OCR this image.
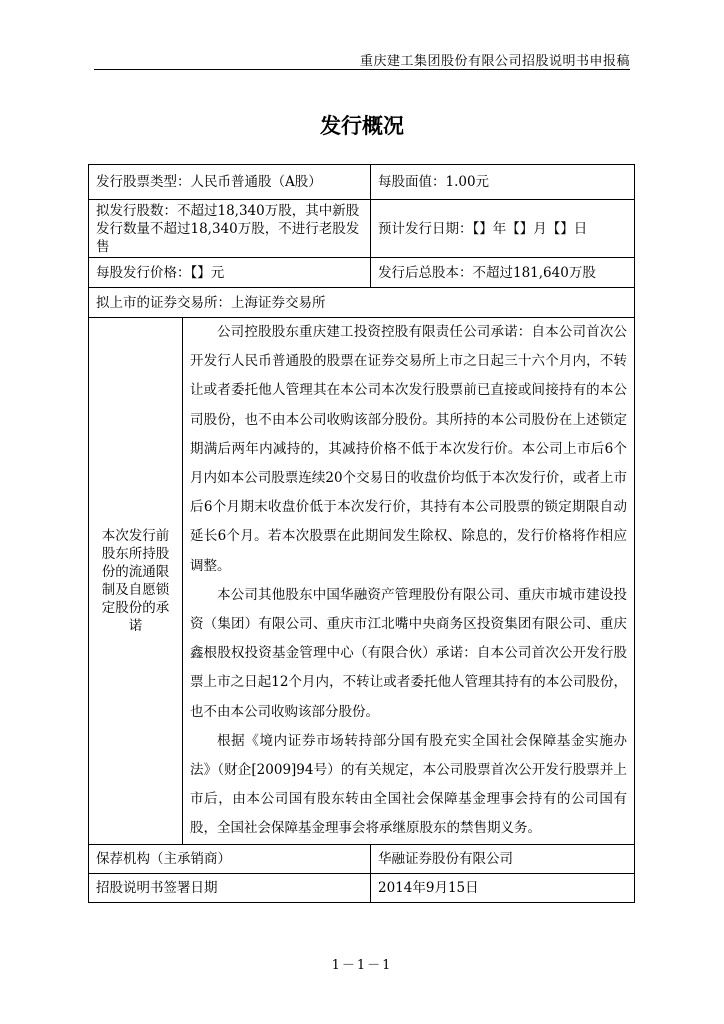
重庆建工集团股份有限公司招股说明书申报稿
发行概况
发行股票类型：人民币普通股（A股）		每股面值：1.00元
拟发行股数：不超过18,340万股，其中新股发行数量不超过18,340万股，不进行老股发售		预计发行日期：【】年【】月【】日
每股发行价格：【】元		发行后总股本：不超过181,640万股
拟上市的证券交易所：上海证券交易所		
本次发行前股东所持股份的流通限制及自愿锁定股份的承诺	公司控股股东重庆建工投资控股有限责任公司承诺：自本公司首次公开发行人民币普通股的股票在证券交易所上市之日起三十六个月内，不转让或者委托他人管理其在本公司本次发行股票前已直接或间接持有的本公司股份，也不由本公司收购该部分股份。其所持的本公司股份在上述锁定期满后两年内减持的，其减持价格不低于本次发行价。本公司上市后6个月内如本公司股票连续20个交易日的收盘价均低于本次发行价，或者上市后6个月期末收盘价低于本次发行价，其持有本公司股票的锁定期限自动延长6个月。若本次股票在此期间发生除权、除息的，发行价格将作相应调整。

本公司其他股东中国华融资产管理股份有限公司、重庆市城市建设投资（集团）有限公司、重庆市江北嘴中央商务区投资集团有限公司、重庆鑫根股权投资基金管理中心（有限合伙）承诺：自本公司首次公开发行股票上市之日起12个月内，不转让或者委托他人管理其持有的本公司股份，也不由本公司收购该部分股份。

根据《境内证券市场转持部分国有股充实全国社会保障基金实施办法》（财企[2009]94号）的有关规定，本公司股票首次公开发行股票并上市后，由本公司国有股东转由全国社会保障基金理事会持有的公司国有股，全国社会保障基金理事会将承继原股东的禁售期义务。	

保荐机构（主承销商）		华融证券股份有限公司
招股说明书签署日期		2014年9月15日
1－1－1
